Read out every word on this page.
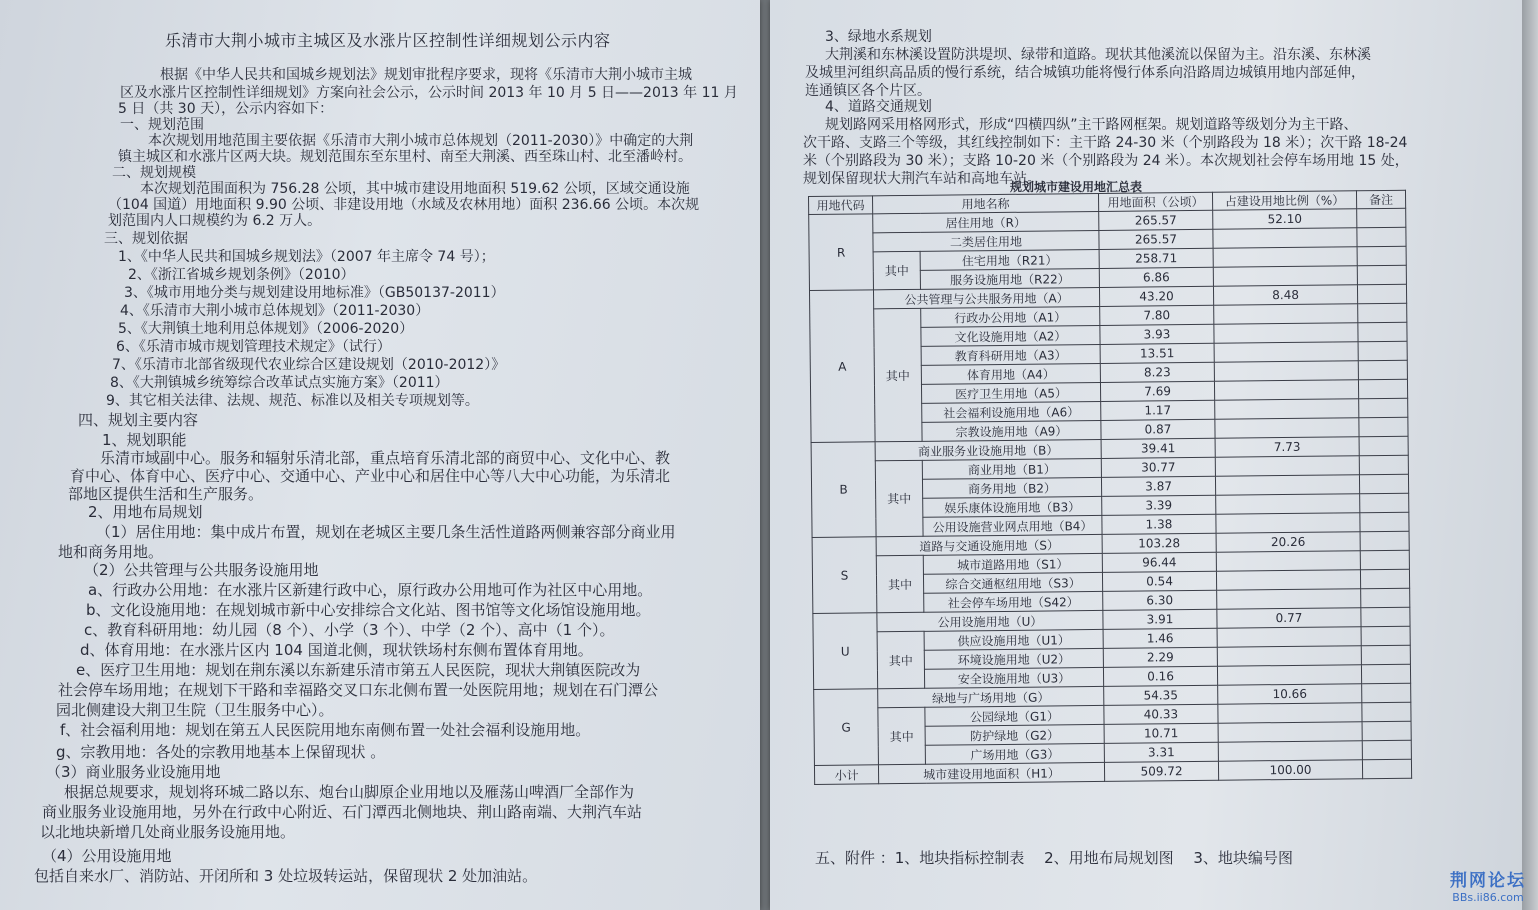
乐清市大荆小城市主城区及水涨片区控制性详细规划公示内容
根据《中华人民共和国城乡规划法》规划审批程序要求，现将《乐清市大荆小城市主城
区及水涨片区控制性详细规划》方案向社会公示，公示时间 2013 年 10 月 5 日——2013 年 11 月
5 日（共 30 天），公示内容如下：
一、规划范围
本次规划用地范围主要依据《乐清市大荆小城市总体规划（2011-2030）》中确定的大荆
镇主城区和水涨片区两大块。规划范围东至东里村、南至大荆溪、西至珠山村、北至潘岭村。
二、规划规模
本次规划范围面积为 756.28 公顷，其中城市建设用地面积 519.62 公顷，区域交通设施
（104 国道）用地面积 9.90 公顷、非建设用地（水域及农林用地）面积 236.66 公顷。本次规
划范围内人口规模约为 6.2 万人。
三、规划依据
1、《中华人民共和国城乡规划法》（2007 年主席令 74 号）；
2、《浙江省城乡规划条例》（2010）
3、《城市用地分类与规划建设用地标准》（GB50137-2011）
4、《乐清市大荆小城市总体规划》（2011-2030）
5、《大荆镇土地利用总体规划》（2006-2020）
6、《乐清市城市规划管理技术规定》（试行）
7、《乐清市北部省级现代农业综合区建设规划（2010-2012）》
8、《大荆镇城乡统筹综合改革试点实施方案》（2011）
9、其它相关法律、法规、规范、标准以及相关专项规划等。
四、规划主要内容
1、规划职能
乐清市域副中心。服务和辐射乐清北部，重点培育乐清北部的商贸中心、文化中心、教
育中心、体育中心、医疗中心、交通中心、产业中心和居住中心等八大中心功能，为乐清北
部地区提供生活和生产服务。
2、用地布局规划
（1）居住用地：集中成片布置，规划在老城区主要几条生活性道路两侧兼容部分商业用
地和商务用地。
（2）公共管理与公共服务设施用地
a、行政办公用地：在水涨片区新建行政中心，原行政办公用地可作为社区中心用地。
b、文化设施用地：在规划城市新中心安排综合文化站、图书馆等文化场馆设施用地。
c、教育科研用地：幼儿园（8 个）、小学（3 个）、中学（2 个）、高中（1 个）。
d、体育用地：在水涨片区内 104 国道北侧，现状铁场村东侧布置体育用地。
e、医疗卫生用地：规划在荆东溪以东新建乐清市第五人民医院，现状大荆镇医院改为
社会停车场用地；在规划下干路和幸福路交叉口东北侧布置一处医院用地；规划在石门潭公
园北侧建设大荆卫生院（卫生服务中心）。
f、社会福利用地：规划在第五人民医院用地东南侧布置一处社会福利设施用地。
g、宗教用地：各处的宗教用地基本上保留现状 。
（3）商业服务业设施用地
根据总规要求，规划将环城二路以东、炮台山脚原企业用地以及雁荡山啤酒厂全部作为
商业服务业设施用地，另外在行政中心附近、石门潭西北侧地块、荆山路南端、大荆汽车站
以北地块新增几处商业服务设施用地。
（4）公用设施用地
包括自来水厂、消防站、开闭所和 3 处垃圾转运站，保留现状 2 处加油站。
3、绿地水系规划
大荆溪和东林溪设置防洪堤坝、绿带和道路。现状其他溪流以保留为主。沿东溪、东林溪
及城里河组织高品质的慢行系统，结合城镇功能将慢行体系向沿路周边城镇用地内部延伸，
连通镇区各个片区。
4、道路交通规划
规划路网采用格网形式，形成“四横四纵”主干路网框架。规划道路等级划分为主干路、
次干路、支路三个等级，其红线控制如下：主干路 24-30 米（个别路段为 18 米）；次干路 18-24
米（个别路段为 30 米）；支路 10-20 米（个别路段为 24 米）。本次规划社会停车场用地 15 处，
规划保留现状大荆汽车站和高地车站。
规划城市建设用地汇总表
用地代码	用地名称		用地面积（公顷）	占建设用地比例（%）	备注
R	居住用地（R）		265.57	52.10	
	二类居住用地		265.57		
	其中	住宅用地（R21）	258.71		
		服务设施用地（R22）	6.86		
A	公共管理与公共服务用地（A）		43.20	8.48	
	其中	行政办公用地（A1）	7.80		
		文化设施用地（A2）	3.93		
		教育科研用地（A3）	13.51		
		体育用地（A4）	8.23		
		医疗卫生用地（A5）	7.69		
		社会福利设施用地（A6）	1.17		
		宗教设施用地（A9）	0.87		
B	商业服务业设施用地（B）		39.41	7.73	
	其中	商业用地（B1）	30.77		
		商务用地（B2）	3.87		
		娱乐康体设施用地（B3）	3.39		
		公用设施营业网点用地（B4）	1.38		
S	道路与交通设施用地（S）		103.28	20.26	
	其中	城市道路用地（S1）	96.44		
		综合交通枢纽用地（S3）	0.54		
		社会停车场用地（S42）	6.30		
U	公用设施用地（U）		3.91	0.77	
	其中	供应设施用地（U1）	1.46		
		环境设施用地（U2）	2.29		
		安全设施用地（U3）	0.16		
G	绿地与广场用地（G）		54.35	10.66	
	其中	公园绿地（G1）	40.33		
		防护绿地（G2）	10.71		
		广场用地（G3）	3.31		
小计	城市建设用地面积（H1）		509.72	100.00	
五、附件 ：1、地块指标控制表　 2、用地布局规划图　 3、地块编号图
荆网论坛
BBs.ii86.com
